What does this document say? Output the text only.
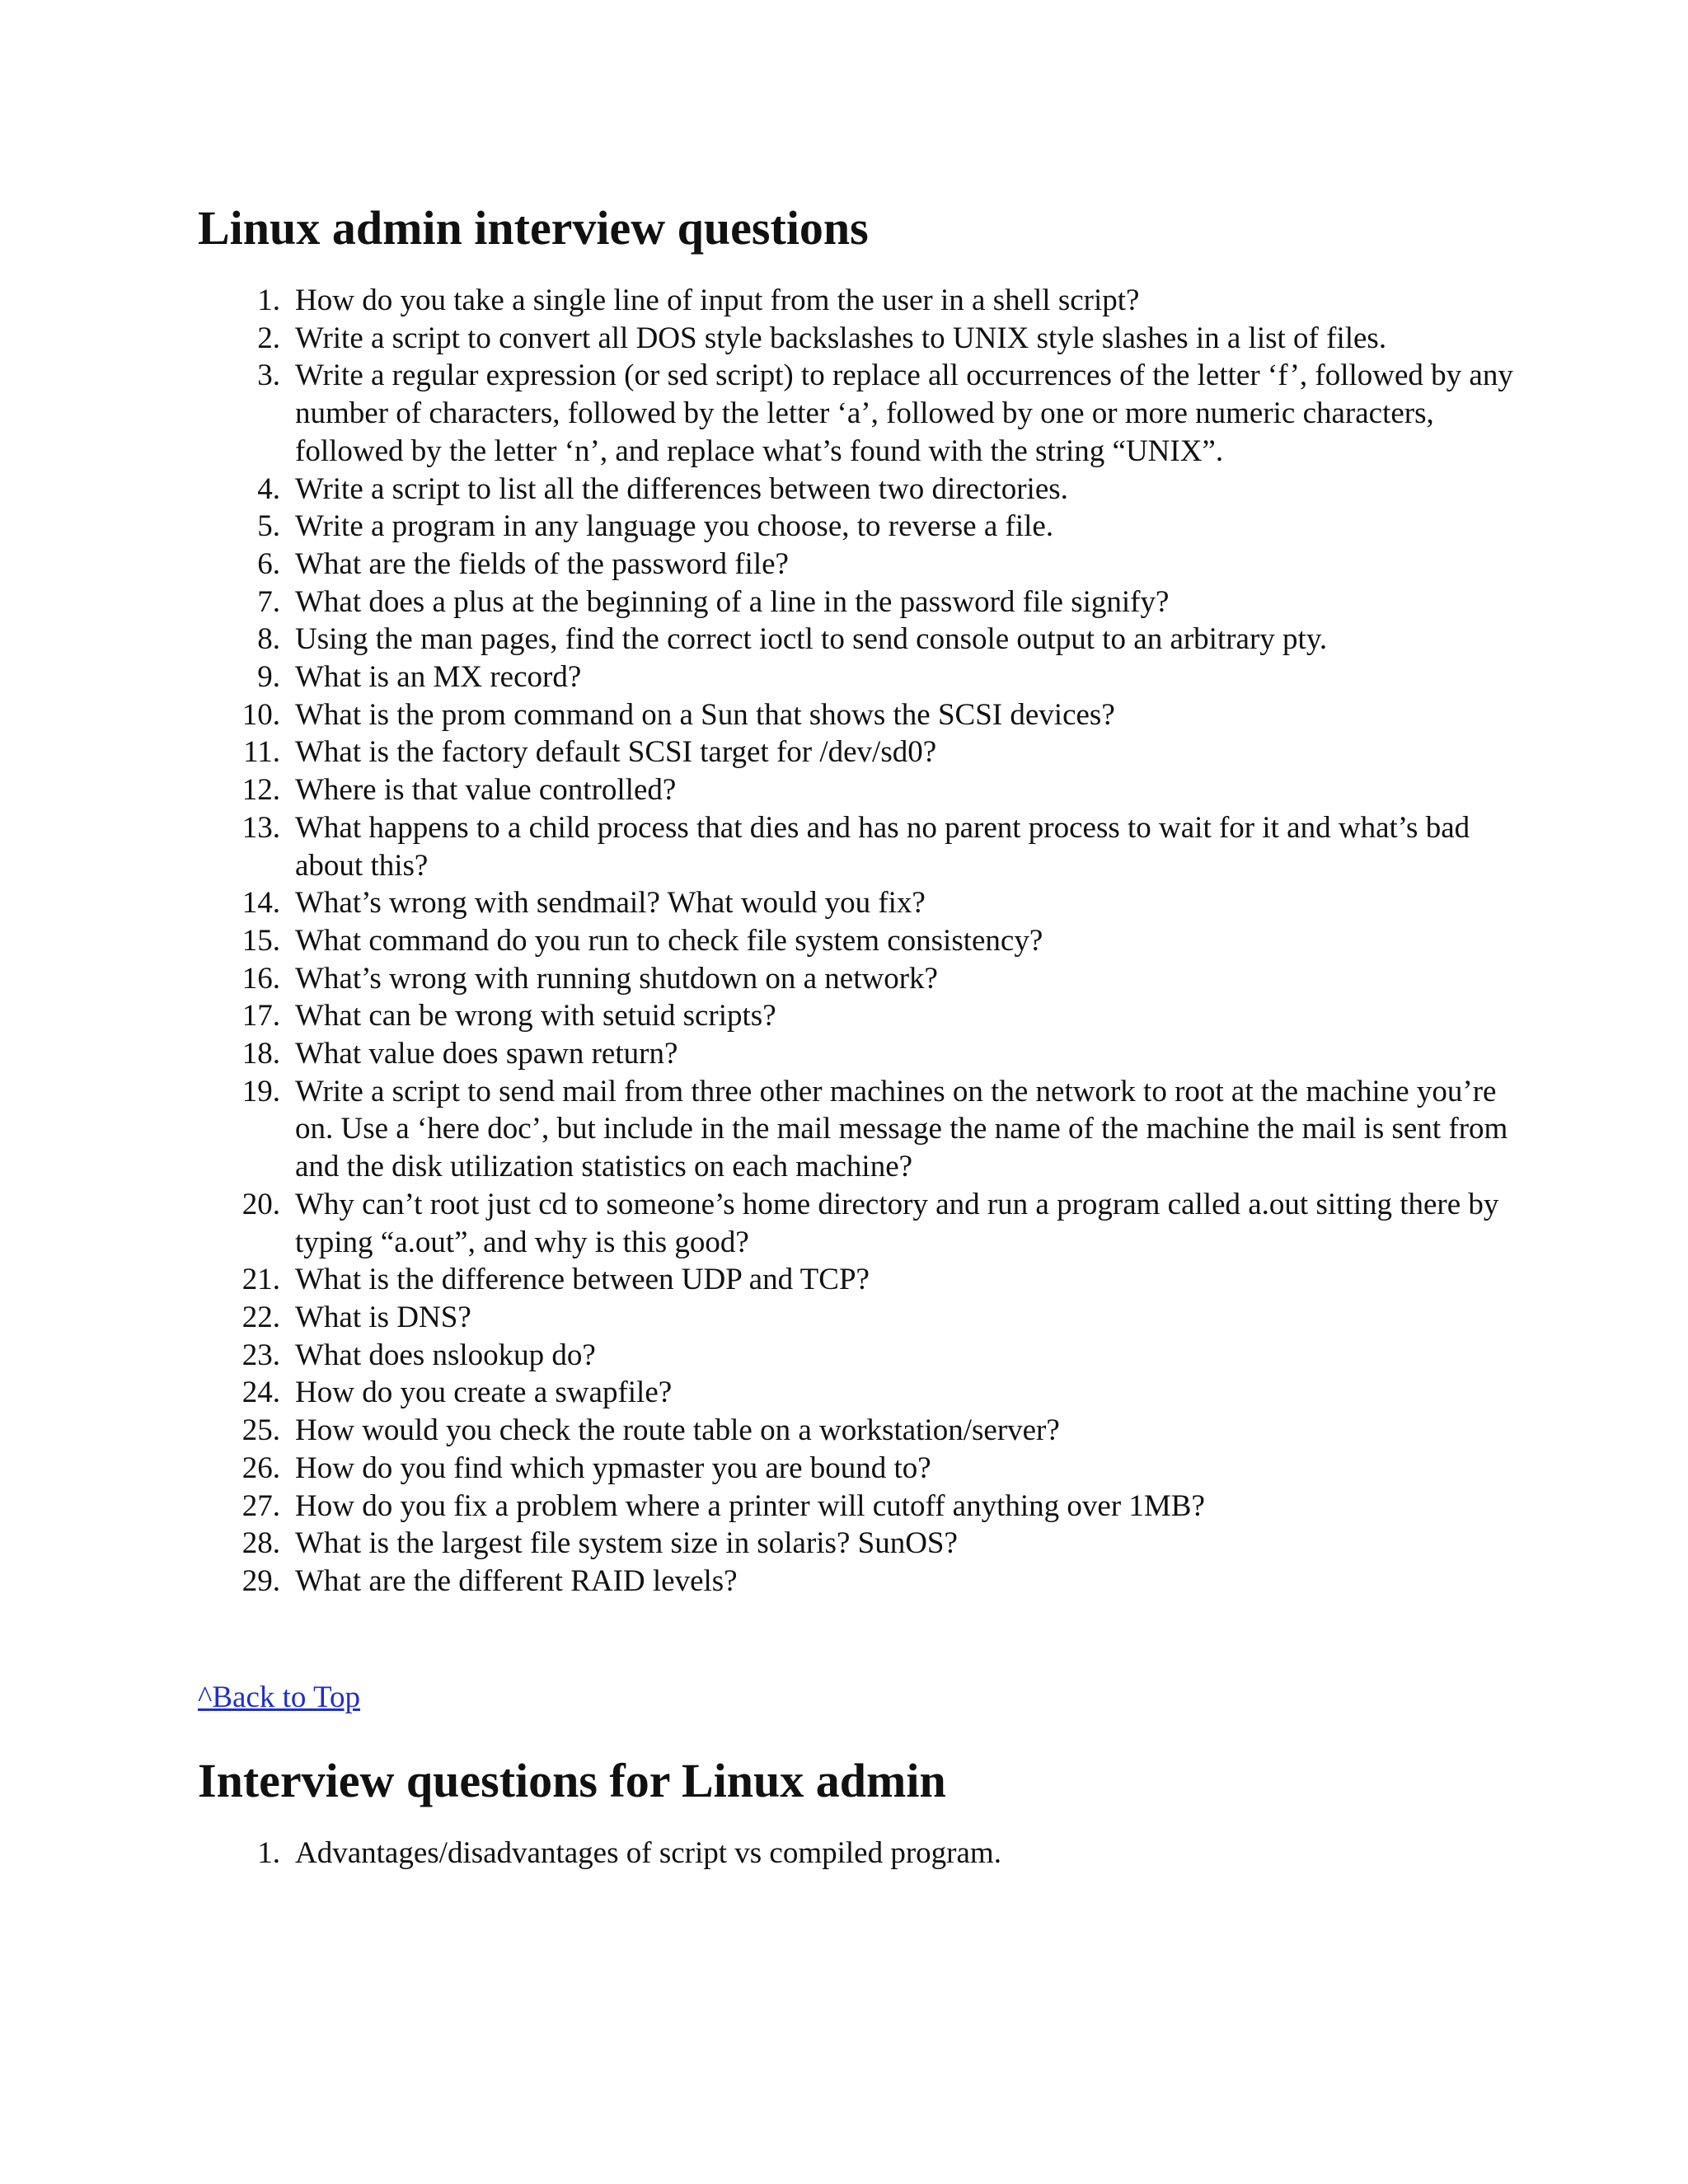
Linux admin interview questions
1. How do you take a single line of input from the user in a shell script?
2. Write a script to convert all DOS style backslashes to UNIX style slashes in a list of files.
3. Write a regular expression (or sed script) to replace all occurrences of the letter ‘f’, followed by any number of characters, followed by the letter ‘a’, followed by one or more numeric characters, followed by the letter ‘n’, and replace what’s found with the string “UNIX”.
4. Write a script to list all the differences between two directories.
5. Write a program in any language you choose, to reverse a file.
6. What are the fields of the password file?
7. What does a plus at the beginning of a line in the password file signify?
8. Using the man pages, find the correct ioctl to send console output to an arbitrary pty.
9. What is an MX record?
10. What is the prom command on a Sun that shows the SCSI devices?
11. What is the factory default SCSI target for /dev/sd0?
12. Where is that value controlled?
13. What happens to a child process that dies and has no parent process to wait for it and what’s bad about this?
14. What’s wrong with sendmail? What would you fix?
15. What command do you run to check file system consistency?
16. What’s wrong with running shutdown on a network?
17. What can be wrong with setuid scripts?
18. What value does spawn return?
19. Write a script to send mail from three other machines on the network to root at the machine you’re on. Use a ‘here doc’, but include in the mail message the name of the machine the mail is sent from and the disk utilization statistics on each machine?
20. Why can’t root just cd to someone’s home directory and run a program called a.out sitting there by typing “a.out”, and why is this good?
21. What is the difference between UDP and TCP?
22. What is DNS?
23. What does nslookup do?
24. How do you create a swapfile?
25. How would you check the route table on a workstation/server?
26. How do you find which ypmaster you are bound to?
27. How do you fix a problem where a printer will cutoff anything over 1MB?
28. What is the largest file system size in solaris? SunOS?
29. What are the different RAID levels?
^Back to Top
Interview questions for Linux admin
1. Advantages/disadvantages of script vs compiled program.
